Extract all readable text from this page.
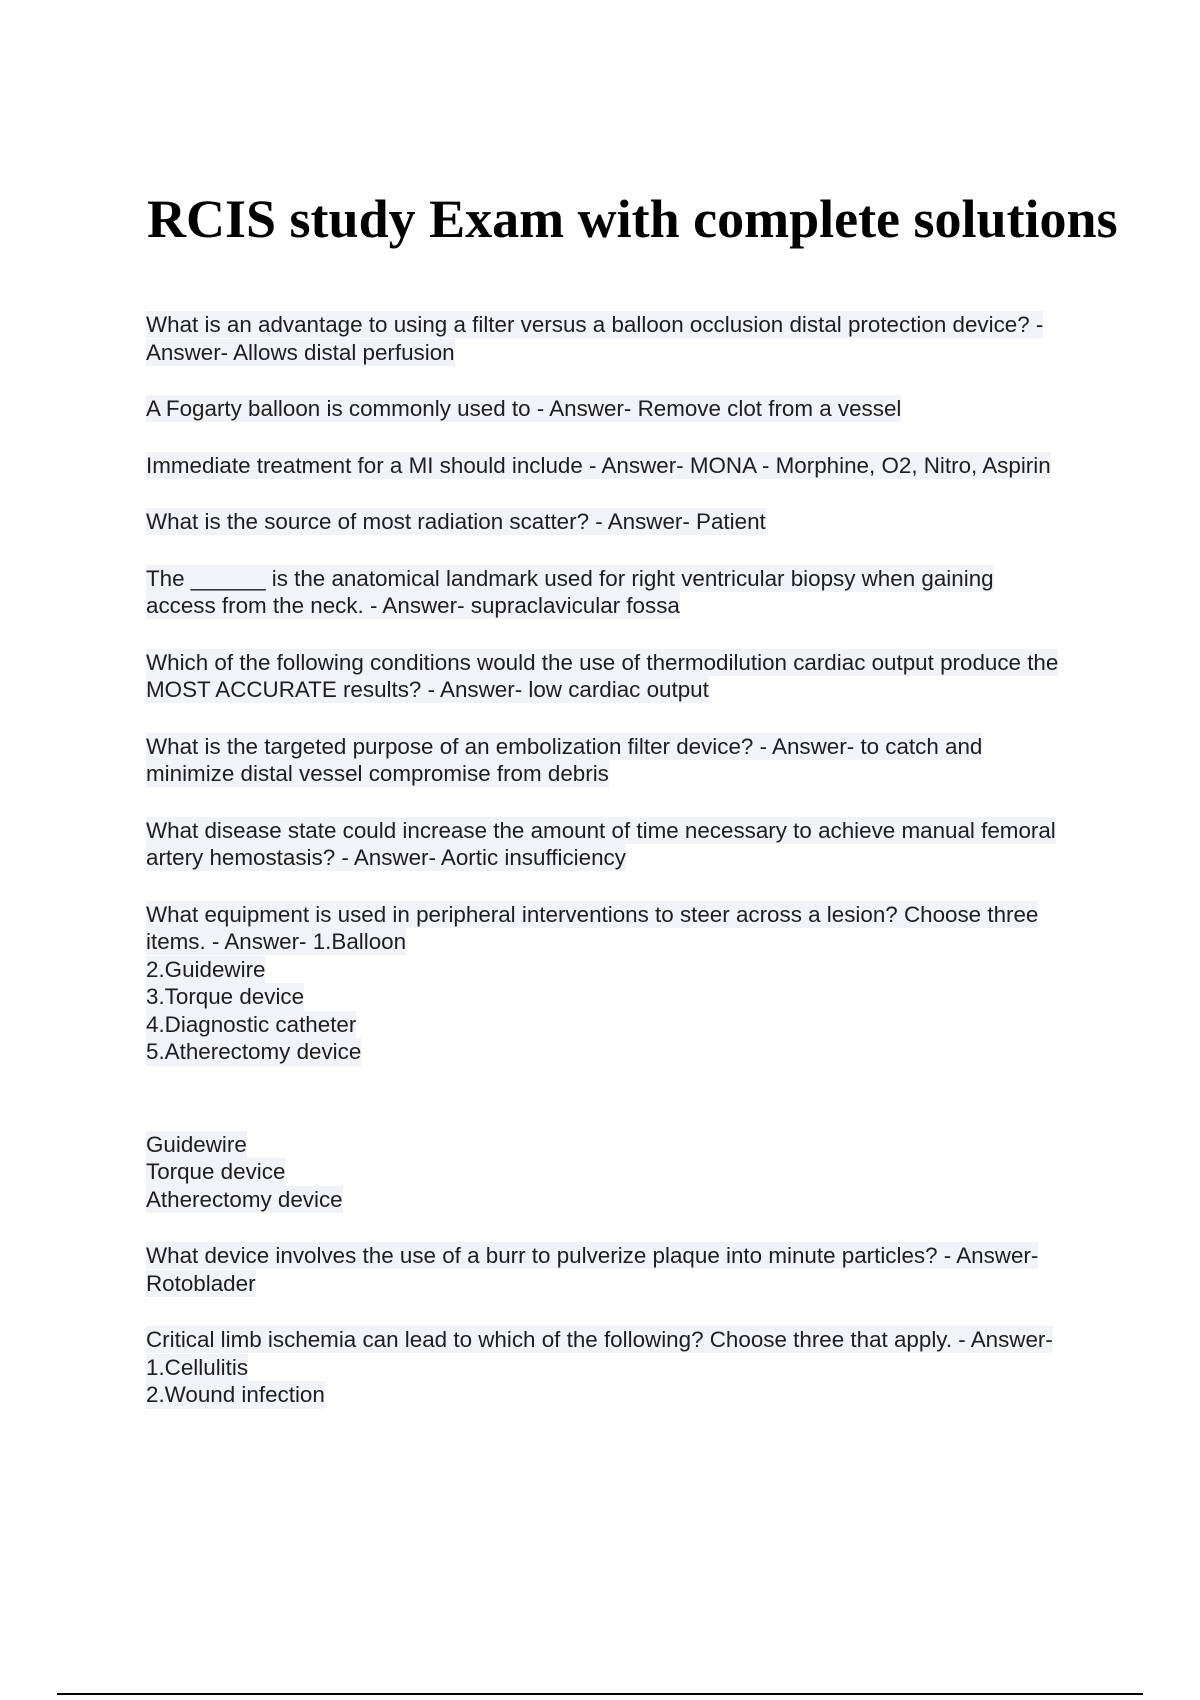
RCIS study Exam with complete solutions

What is an advantage to using a filter versus a balloon occlusion distal protection device? - Answer- Allows distal perfusion

A Fogarty balloon is commonly used to - Answer- Remove clot from a vessel

Immediate treatment for a MI should include - Answer- MONA - Morphine, O2, Nitro, Aspirin

What is the source of most radiation scatter? - Answer- Patient

The ______ is the anatomical landmark used for right ventricular biopsy when gaining access from the neck. - Answer- supraclavicular fossa

Which of the following conditions would the use of thermodilution cardiac output produce the MOST ACCURATE results? - Answer- low cardiac output

What is the targeted purpose of an embolization filter device? - Answer- to catch and minimize distal vessel compromise from debris

What disease state could increase the amount of time necessary to achieve manual femoral artery hemostasis? - Answer- Aortic insufficiency

What equipment is used in peripheral interventions to steer across a lesion? Choose three items. - Answer- 1.Balloon

2.Guidewire
3.Torque device
4.Diagnostic catheter
5.Atherectomy device
Guidewire
Torque device
Atherectomy device

What device involves the use of a burr to pulverize plaque into minute particles? - Answer- Rotoblader

Critical limb ischemia can lead to which of the following? Choose three that apply. - Answer- 1.Cellulitis

2.Wound infection
